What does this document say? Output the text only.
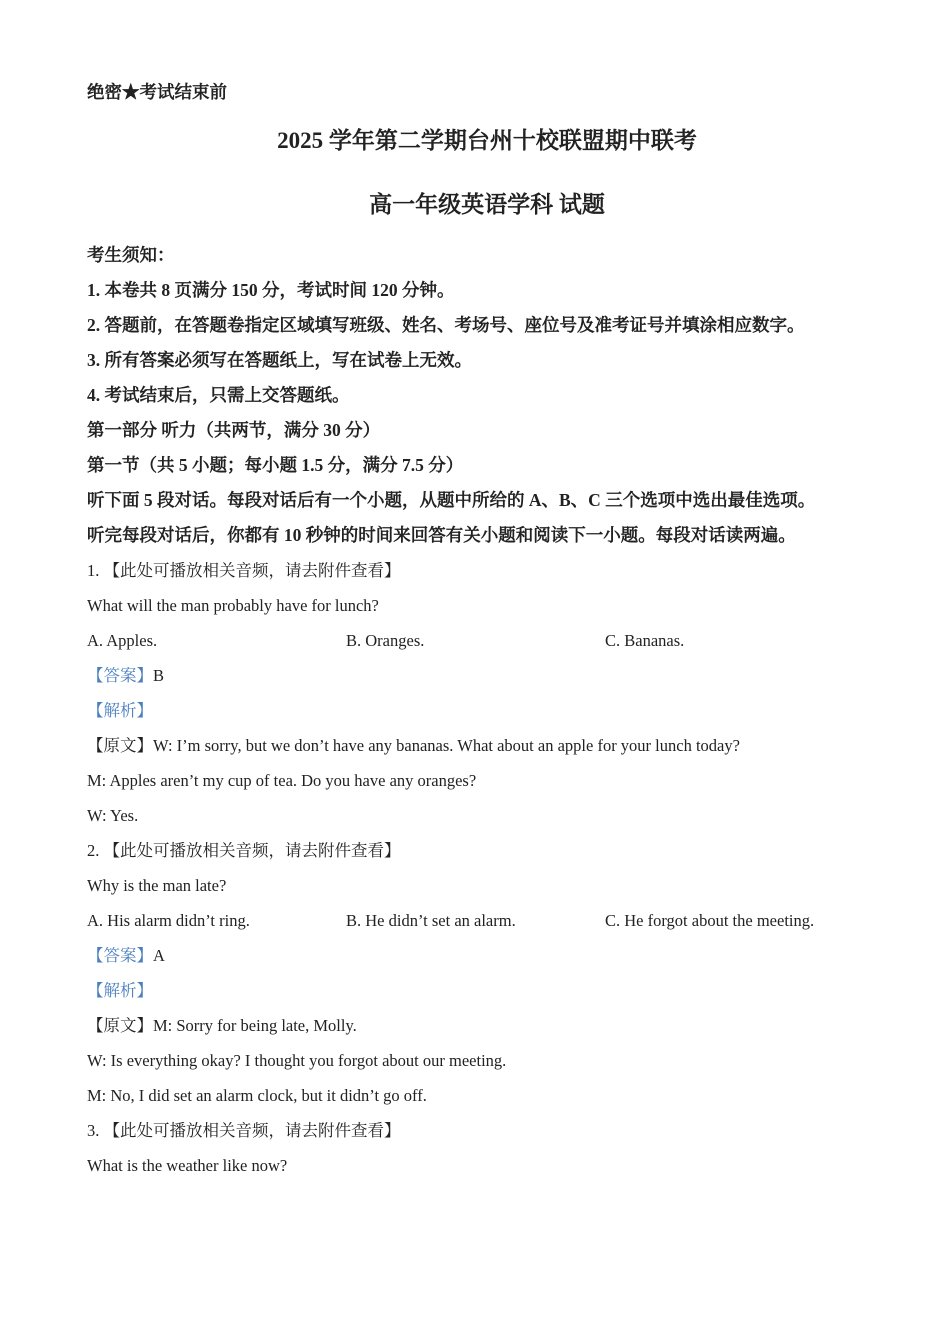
绝密★考试结束前
2025 学年第二学期台州十校联盟期中联考
高一年级英语学科 试题
考生须知：
1. 本卷共 8 页满分 150 分，考试时间 120 分钟。
2. 答题前，在答题卷指定区域填写班级、姓名、考场号、座位号及准考证号并填涂相应数字。
3. 所有答案必须写在答题纸上，写在试卷上无效。
4. 考试结束后，只需上交答题纸。
第一部分 听力（共两节，满分 30 分）
第一节（共 5 小题；每小题 1.5 分，满分 7.5 分）
听下面 5 段对话。每段对话后有一个小题，从题中所给的 A、B、C 三个选项中选出最佳选项。
听完每段对话后，你都有 10 秒钟的时间来回答有关小题和阅读下一小题。每段对话读两遍。
1. 【此处可播放相关音频，请去附件查看】
What will the man probably have for lunch?
A. Apples.	B. Oranges.	C. Bananas.
【答案】B
【解析】
【原文】W: I’m sorry, but we don’t have any bananas. What about an apple for your lunch today?
M: Apples aren’t my cup of tea. Do you have any oranges?
W: Yes.
2. 【此处可播放相关音频，请去附件查看】
Why is the man late?
A. His alarm didn’t ring.	B. He didn’t set an alarm.	C. He forgot about the meeting.
【答案】A
【解析】
【原文】M: Sorry for being late, Molly.
W: Is everything okay? I thought you forgot about our meeting.
M: No, I did set an alarm clock, but it didn’t go off.
3. 【此处可播放相关音频，请去附件查看】
What is the weather like now?
